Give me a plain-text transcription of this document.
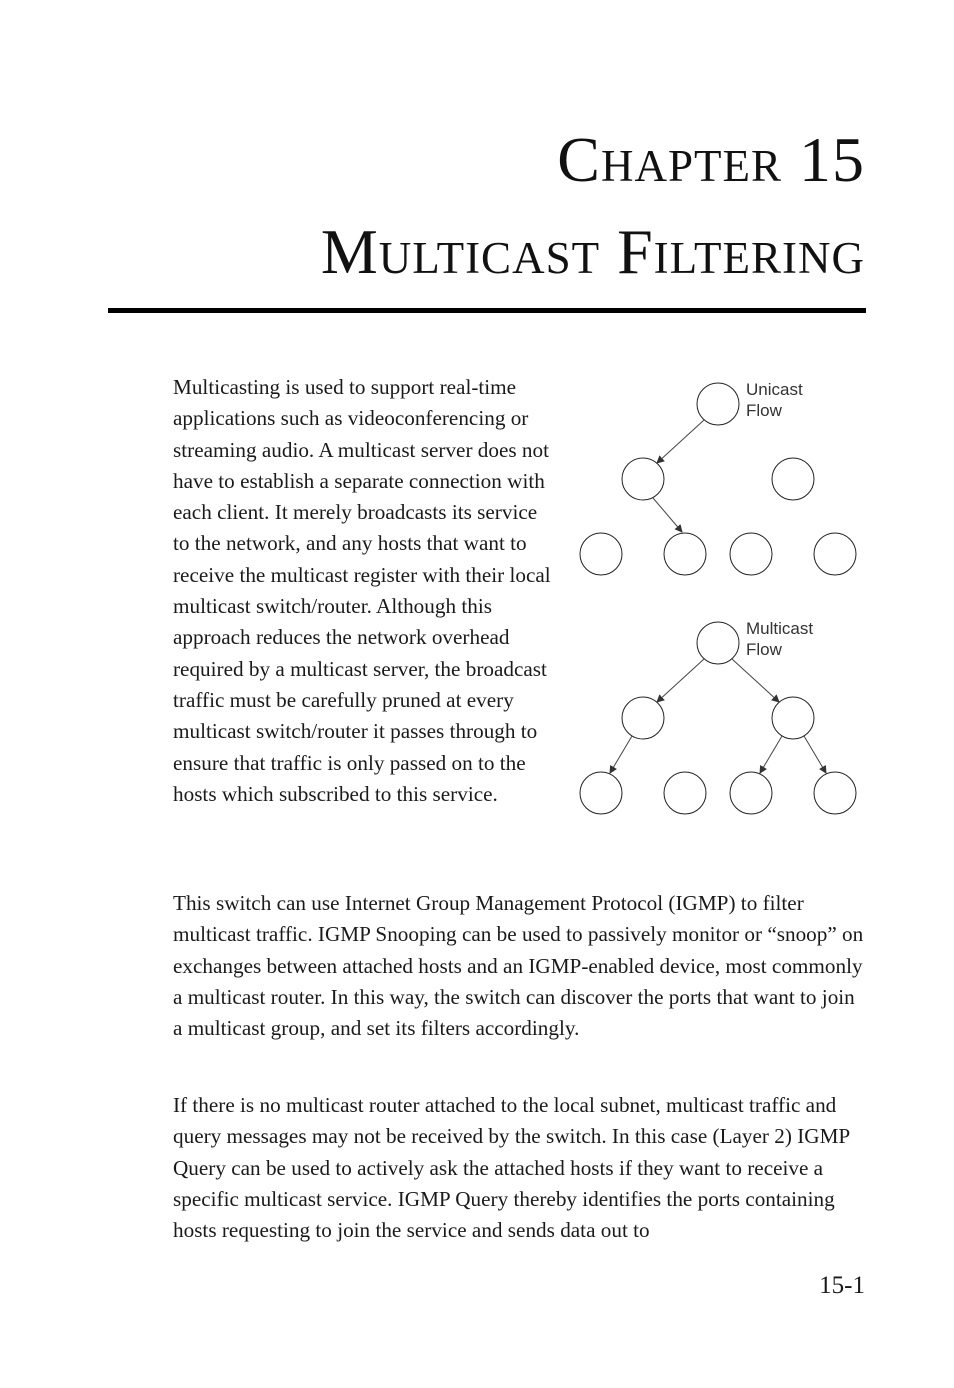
Chapter 15
Multicast Filtering

Multicasting is used to support real-time applications such as videoconferencing or streaming audio. A multicast server does not have to establish a separate connection with each client. It merely broadcasts its service to the network, and any hosts that want to receive the multicast register with their local multicast switch/router. Although this approach reduces the network overhead required by a multicast server, the broadcast traffic must be carefully pruned at every multicast switch/router it passes through to ensure that traffic is only passed on to the hosts which subscribed to this service.

Unicast
Flow
Multicast
Flow

This switch can use Internet Group Management Protocol (IGMP) to filter multicast traffic. IGMP Snooping can be used to passively monitor or “snoop” on exchanges between attached hosts and an IGMP-enabled device, most commonly a multicast router. In this way, the switch can discover the ports that want to join a multicast group, and set its filters accordingly.

If there is no multicast router attached to the local subnet, multicast traffic and query messages may not be received by the switch. In this case (Layer 2) IGMP Query can be used to actively ask the attached hosts if they want to receive a specific multicast service. IGMP Query thereby identifies the ports containing hosts requesting to join the service and sends data out to

15-1
